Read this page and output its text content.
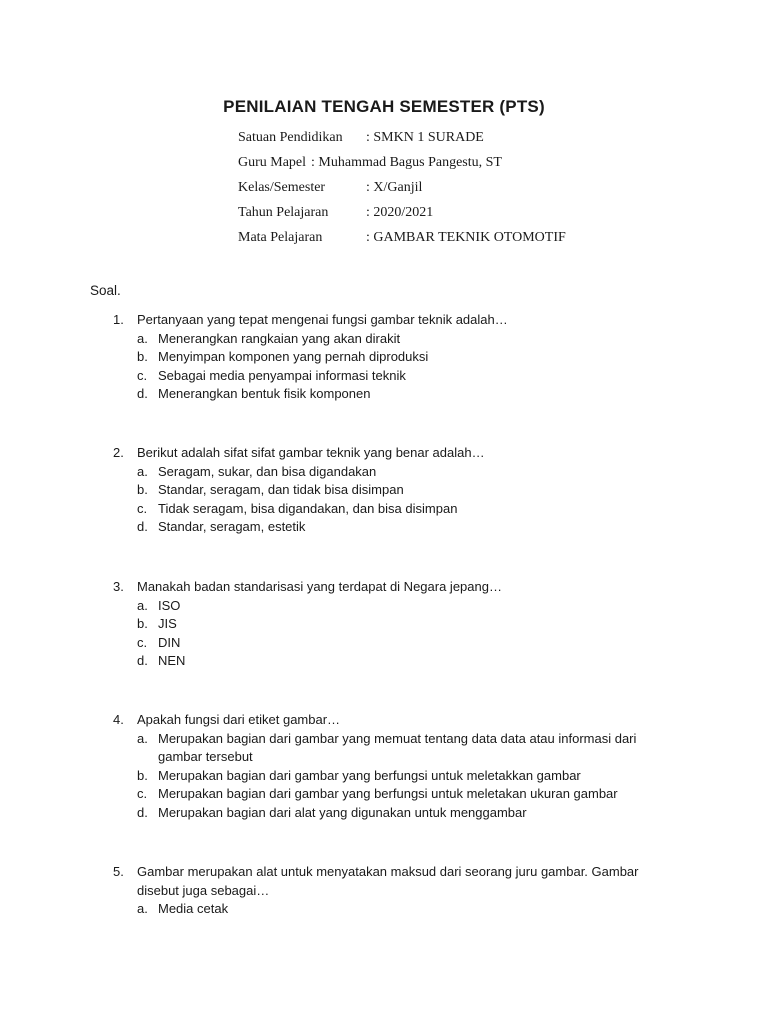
PENILAIAN TENGAH SEMESTER (PTS)
Satuan Pendidikan : SMKN 1 SURADE
Guru Mapel : Muhammad Bagus Pangestu, ST
Kelas/Semester	: X/Ganjil
Tahun Pelajaran	: 2020/2021
Mata Pelajaran	: GAMBAR TEKNIK OTOMOTIF
Soal.
1. Pertanyaan yang tepat mengenai fungsi gambar teknik adalah…
a. Menerangkan rangkaian yang akan dirakit
b. Menyimpan komponen yang pernah diproduksi
c. Sebagai media penyampai informasi teknik
d. Menerangkan bentuk fisik komponen
2. Berikut adalah sifat sifat gambar teknik yang benar adalah…
a. Seragam, sukar, dan bisa digandakan
b. Standar, seragam, dan tidak bisa disimpan
c. Tidak seragam, bisa digandakan, dan bisa disimpan
d. Standar, seragam, estetik
3. Manakah badan standarisasi yang terdapat di Negara jepang…
a. ISO
b. JIS
c. DIN
d. NEN
4. Apakah fungsi dari etiket gambar…
a. Merupakan bagian dari gambar yang memuat tentang data data atau informasi dari gambar tersebut
b. Merupakan bagian dari gambar yang berfungsi untuk meletakkan gambar
c. Merupakan bagian dari gambar yang berfungsi untuk meletakan ukuran gambar
d. Merupakan bagian dari alat yang digunakan untuk menggambar
5. Gambar merupakan alat untuk menyatakan maksud dari seorang juru gambar. Gambar disebut juga sebagai…
a. Media cetak
